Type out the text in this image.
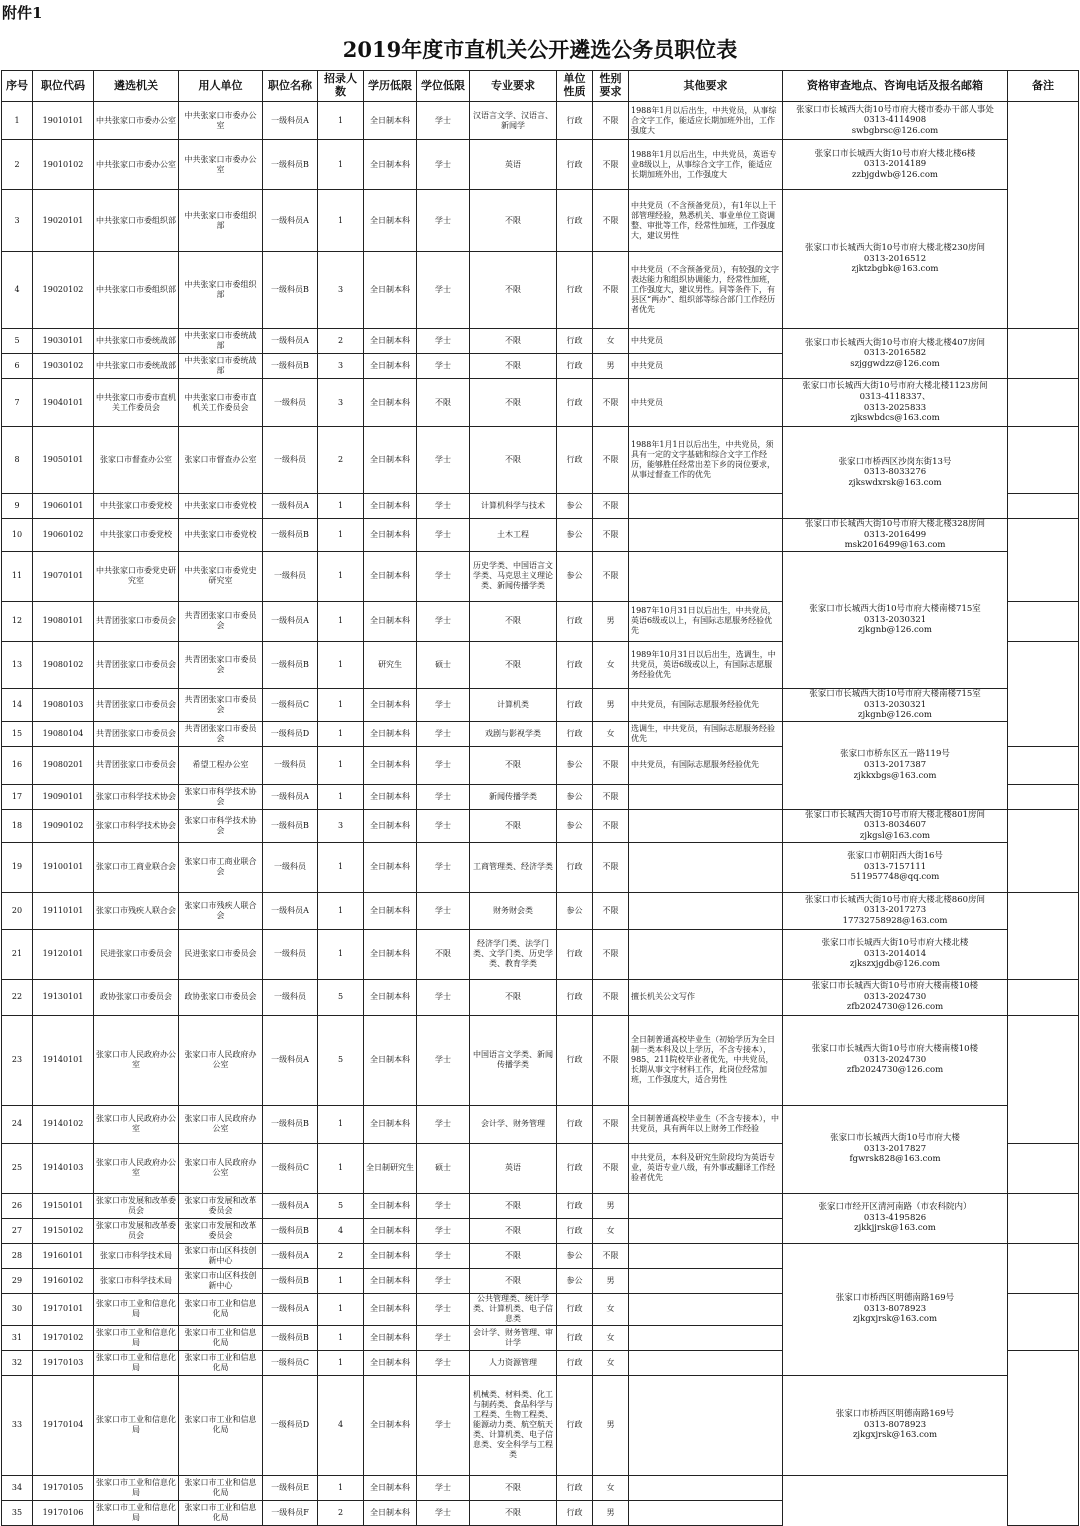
附件1
2019年度市直机关公开遴选公务员职位表
序号	职位代码	遴选机关	用人单位	职位名称	招录人数	学历低限	学位低限	专业要求	单位性质	性别要求	其他要求	资格审查地点、咨询电话及报名邮箱	备注
1	19010101	中共张家口市委办公室	中共张家口市委办公室	一级科员A	1	全日制本科	学士	汉语言文学、汉语言、新闻学	行政	不限	1988年1月以后出生，中共党员，从事综合文字工作，能适应长期加班外出，工作强度大	张家口市长城西大街10号市府大楼市委办干部人事处
0313-4114908
swbgbrsc@126.com	
2	19010102	中共张家口市委办公室	中共张家口市委办公室	一级科员B	1	全日制本科	学士	英语	行政	不限	1988年1月以后出生，中共党员，英语专业8级以上，从事综合文字工作，能适应长期加班外出，工作强度大	张家口市长城西大街10号市府大楼北楼6楼
0313-2014189
zzbjgdwb@126.com	
3	19020101	中共张家口市委组织部	中共张家口市委组织部	一级科员A	1	全日制本科	学士	不限	行政	不限	中共党员（不含预备党员），有1年以上干部管理经验，熟悉机关、事业单位工资调整、审批等工作，经常性加班，工作强度大，建议男性	张家口市长城西大街10号市府大楼北楼230房间
0313-2016512
zjktzbgbk@163.com	
4	19020102	中共张家口市委组织部	中共张家口市委组织部	一级科员B	3	全日制本科	学士	不限	行政	不限	中共党员（不含预备党员），有较强的文字表达能力和组织协调能力，经常性加班，工作强度大，建议男性。同等条件下，有县区“两办”、组织部等综合部门工作经历者优先		
5	19030101	中共张家口市委统战部	中共张家口市委统战部	一级科员A	2	全日制本科	学士	不限	行政	女	中共党员	张家口市长城西大街10号市府大楼北楼407房间
0313-2016582
szjggwdzz@126.com	
6	19030102	中共张家口市委统战部	中共张家口市委统战部	一级科员B	3	全日制本科	学士	不限	行政	男	中共党员		
7	19040101	中共张家口市委市直机关工作委员会	中共张家口市委市直机关工作委员会	一级科员	3	全日制本科	不限	不限	行政	不限	中共党员	张家口市长城西大街10号市府大楼北楼1123房间
0313-4118337、
0313-2025833
zjkswbdcs@163.com	
8	19050101	张家口市督查办公室	张家口市督查办公室	一级科员	2	全日制本科	学士	不限	行政	不限	1988年1月1日以后出生，中共党员，须具有一定的文字基础和综合文字工作经历，能够胜任经常出差下乡的岗位要求，从事过督查工作的优先	张家口市桥西区沙岗东街13号
0313-8033276
zjkswdxrsk@163.com	
9	19060101	中共张家口市委党校	中共张家口市委党校	一级科员A	1	全日制本科	学士	计算机科学与技术	参公	不限			
10	19060102	中共张家口市委党校	中共张家口市委党校	一级科员B	1	全日制本科	学士	土木工程	参公	不限		张家口市长城西大街10号市府大楼北楼328房间
0313-2016499
msk2016499@163.com	
11	19070101	中共张家口市委党史研究室	中共张家口市委党史研究室	一级科员	1	全日制本科	学士	历史学类、中国语言文学类、马克思主义理论类、新闻传播学类	参公	不限		张家口市长城西大街10号市府大楼南楼715室
0313-2030321
zjkgnb@126.com	
12	19080101	共青团张家口市委员会	共青团张家口市委员会	一级科员A	1	全日制本科	学士	不限	行政	男	1987年10月31日以后出生，中共党员，英语6级或以上，有国际志愿服务经验优先		
13	19080102	共青团张家口市委员会	共青团张家口市委员会	一级科员B	1	研究生	硕士	不限	行政	女	1989年10月31日以后出生，选调生，中共党员，英语6级或以上，有国际志愿服务经验优先		
14	19080103	共青团张家口市委员会	共青团张家口市委员会	一级科员C	1	全日制本科	学士	计算机类	行政	男	中共党员，有国际志愿服务经验优先	张家口市长城西大街10号市府大楼南楼715室
0313-2030321
zjkgnb@126.com	
15	19080104	共青团张家口市委员会	共青团张家口市委员会	一级科员D	1	全日制本科	学士	戏剧与影视学类	行政	女	选调生，中共党员，有国际志愿服务经验优先	张家口市桥东区五一路119号
0313-2017387
zjkkxbgs@163.com	
16	19080201	共青团张家口市委员会	希望工程办公室	一级科员	1	全日制本科	学士	不限	参公	不限	中共党员，有国际志愿服务经验优先		
17	19090101	张家口市科学技术协会	张家口市科学技术协会	一级科员A	1	全日制本科	学士	新闻传播学类	参公	不限			
18	19090102	张家口市科学技术协会	张家口市科学技术协会	一级科员B	3	全日制本科	学士	不限	参公	不限		张家口市长城西大街10号市府大楼北楼801房间
0313-8034607
zjkgsl@163.com	
19	19100101	张家口市工商业联合会	张家口市工商业联合会	一级科员	1	全日制本科	学士	工商管理类、经济学类	行政	不限		张家口市朝阳西大街16号
0313-7157111
511957748@qq.com	
20	19110101	张家口市残疾人联合会	张家口市残疾人联合会	一级科员A	1	全日制本科	学士	财务财会类	参公	不限		张家口市长城西大街10号市府大楼北楼860房间
0313-2017273
17732758928@163.com	
21	19120101	民进张家口市委员会	民进张家口市委员会	一级科员	1	全日制本科	不限	经济学门类、法学门类、文学门类、历史学类、教育学类	行政	不限		张家口市长城西大街10号市府大楼北楼
0313-2014014
zjkszxjgdb@126.com	
22	19130101	政协张家口市委员会	政协张家口市委员会	一级科员	5	全日制本科	学士	不限	行政	不限	擅长机关公文写作	张家口市长城西大街10号市府大楼南楼10楼
0313-2024730
zfb2024730@126.com	
23	19140101	张家口市人民政府办公室	张家口市人民政府办公室	一级科员A	5	全日制本科	学士	中国语言文学类、新闻传播学类	行政	不限	全日制普通高校毕业生（初始学历为全日制一类本科及以上学历，不含专接本），985、211院校毕业者优先，中共党员，长期从事文字材料工作，此岗位经常加班，工作强度大，适合男性	张家口市长城西大街10号市府大楼南楼10楼
0313-2024730
zfb2024730@126.com	
24	19140102	张家口市人民政府办公室	张家口市人民政府办公室	一级科员B	1	全日制本科	学士	会计学、财务管理	行政	不限	全日制普通高校毕业生（不含专接本），中共党员，具有两年以上财务工作经验	张家口市长城西大街10号市府大楼
0313-2017827
fgwrsk828@163.com	
25	19140103	张家口市人民政府办公室	张家口市人民政府办公室	一级科员C	1	全日制研究生	硕士	英语	行政	不限	中共党员，本科及研究生阶段均为英语专业，英语专业八级，有外事或翻译工作经验者优先		
26	19150101	张家口市发展和改革委员会	张家口市发展和改革委员会	一级科员A	5	全日制本科	学士	不限	行政	男		张家口市经开区清河南路（市农科院内）
0313-4195826
zjkkjjrsk@163.com	
27	19150102	张家口市发展和改革委员会	张家口市发展和改革委员会	一级科员B	4	全日制本科	学士	不限	行政	女			
28	19160101	张家口市科学技术局	张家口市山区科技创新中心	一级科员A	2	全日制本科	学士	不限	参公	不限		张家口市桥西区明德南路169号
0313-8078923
zjkgxjrsk@163.com	
29	19160102	张家口市科学技术局	张家口市山区科技创新中心	一级科员B	1	全日制本科	学士	不限	参公	男			
30	19170101	张家口市工业和信息化局	张家口市工业和信息化局	一级科员A	1	全日制本科	学士	公共管理类、统计学类、计算机类、电子信息类	行政	女			
31	19170102	张家口市工业和信息化局	张家口市工业和信息化局	一级科员B	1	全日制本科	学士	会计学、财务管理、审计学	行政	女			
32	19170103	张家口市工业和信息化局	张家口市工业和信息化局	一级科员C	1	全日制本科	学士	人力资源管理	行政	女			
33	19170104	张家口市工业和信息化局	张家口市工业和信息化局	一级科员D	4	全日制本科	学士	机械类、材料类、化工与制药类、食品科学与工程类、生物工程类、能源动力类、航空航天类、计算机类、电子信息类、安全科学与工程类	行政	男		张家口市桥西区明德南路169号
0313-8078923
zjkgxjrsk@163.com	
34	19170105	张家口市工业和信息化局	张家口市工业和信息化局	一级科员E	1	全日制本科	学士	不限	行政	女			
35	19170106	张家口市工业和信息化局	张家口市工业和信息化局	一级科员F	2	全日制本科	学士	不限	行政	男			
